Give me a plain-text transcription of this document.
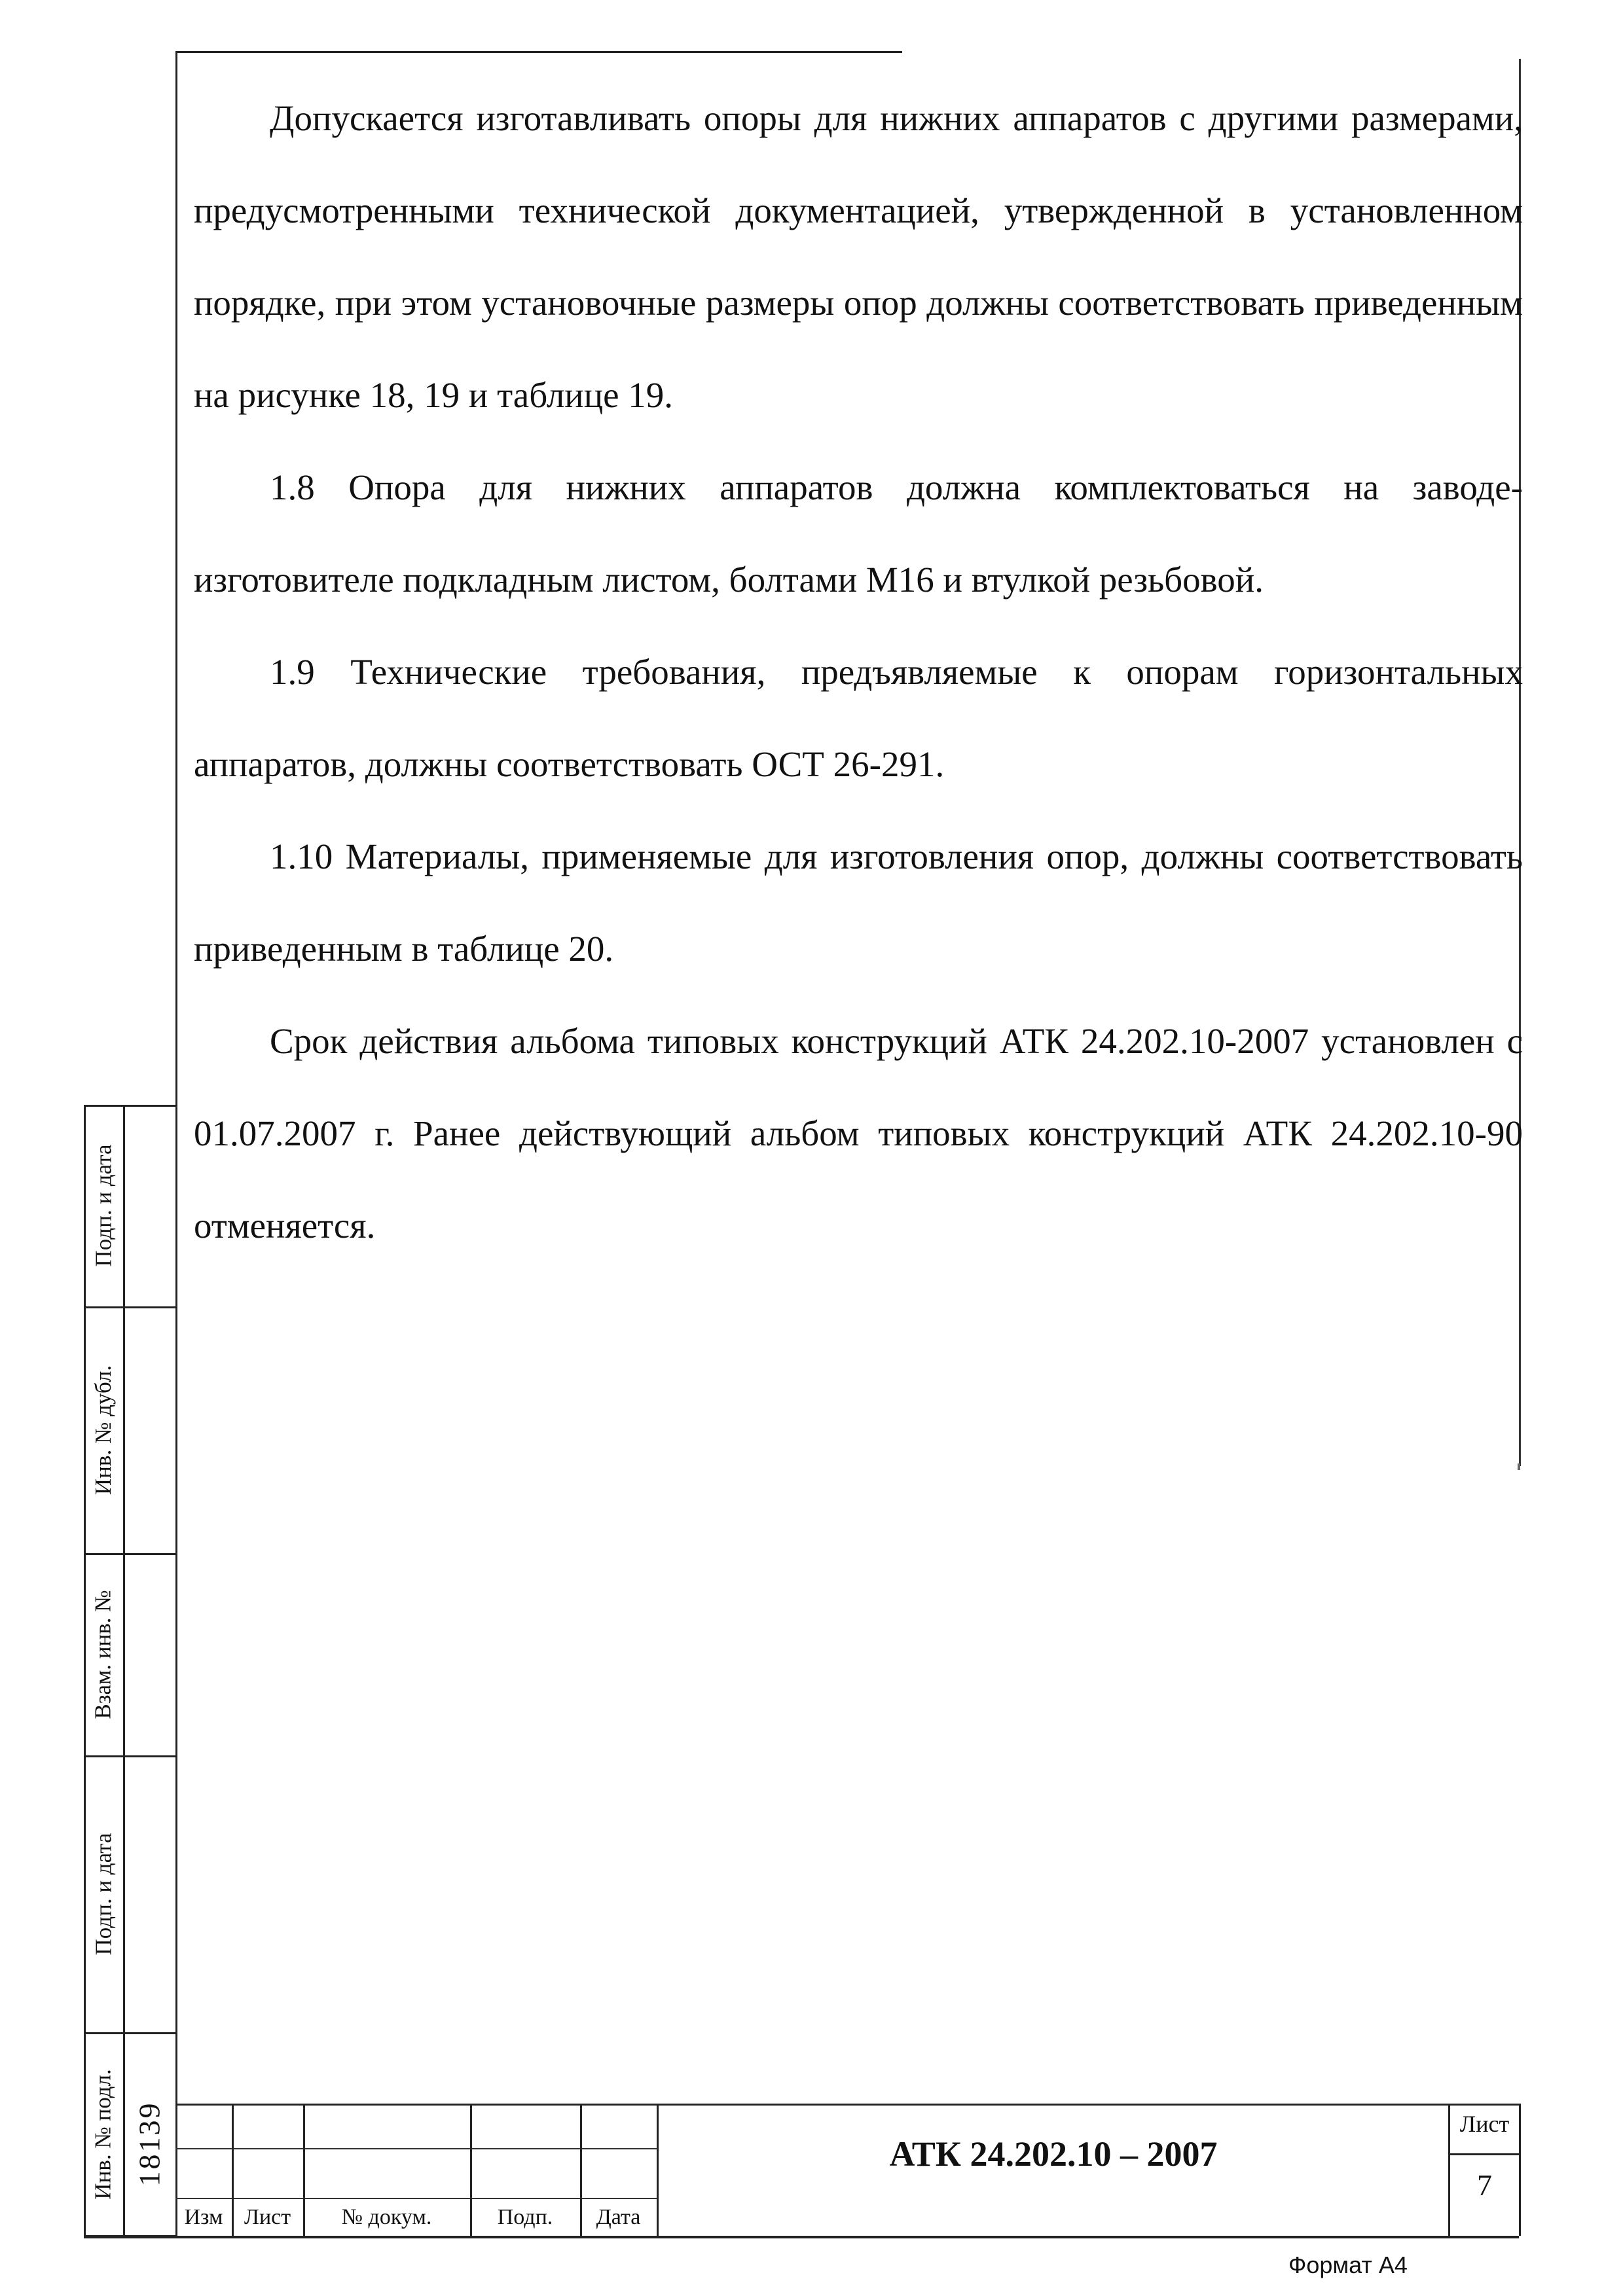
Допускается изготавливать опоры для нижних аппаратов с другими размерами, предусмотренными технической документацией, утвержденной в установленном порядке, при этом установочные размеры опор должны соответствовать приведенным на рисунке 18, 19 и таблице 19.

1.8 Опора для нижних аппаратов должна комплектоваться на заводе- изготовителе подкладным листом, болтами М16 и втулкой резьбовой.

1.9 Технические требования, предъявляемые к опорам горизонтальных аппаратов, должны соответствовать ОСТ 26-291.

1.10 Материалы, применяемые для изготовления опор, должны соответствовать приведенным в таблице 20.

Срок действия альбома типовых конструкций АТК 24.202.10-2007 установлен с 01.07.2007 г. Ранее действующий альбом типовых конструкций АТК 24.202.10-90 отменяется.

Подп. и дата
Инв. № дубл.
Взам. инв. №
Подп. и дата
Инв. № подл. 18139
Изм Лист	№ докум.	Подп.	Дата
АТК 24.202.10 – 2007
Лист
7
Формат А4
